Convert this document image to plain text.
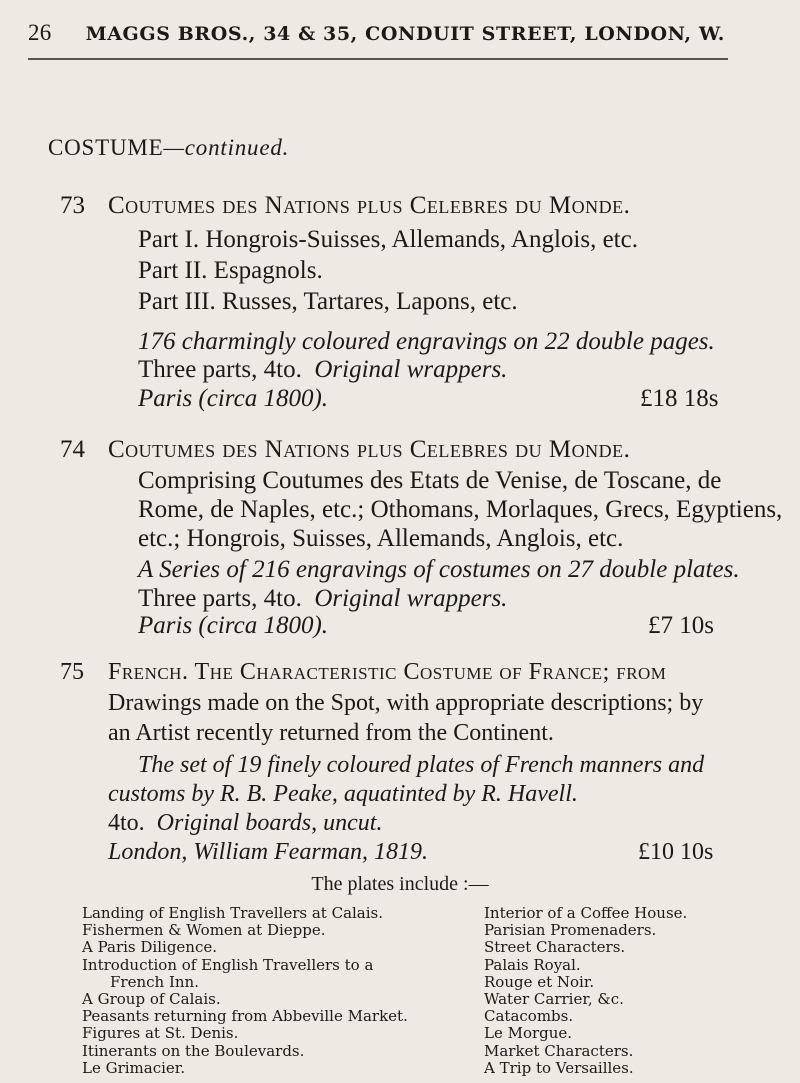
26 MAGGS BROS., 34 & 35, CONDUIT STREET, LONDON, W.
COSTUME—continued.
73 Coutumes des Nations plus Celebres du Monde.
Part I. Hongrois-Suisses, Allemands, Anglois, etc.
Part II. Espagnols.
Part III. Russes, Tartares, Lapons, etc.
176 charmingly coloured engravings on 22 double pages.
Three parts, 4to. Original wrappers.
Paris (circa 1800).	£18 18s
74 Coutumes des Nations plus Celebres du Monde.
Comprising Coutumes des Etats de Venise, de Toscane, de
Rome, de Naples, etc.; Othomans, Morlaques, Grecs, Egyptiens,
etc.; Hongrois, Suisses, Allemands, Anglois, etc.
A Series of 216 engravings of costumes on 27 double plates.
Three parts, 4to. Original wrappers.
Paris (circa 1800).	£7 10s
75	French. The Characteristic Costume of France; from
Drawings made on the Spot, with appropriate descriptions; by
an Artist recently returned from the Continent.
The set of 19 finely coloured plates of French manners and
customs by R. B. Peake, aquatinted by R. Havell.
4to. Original boards, uncut.
London, William Fearman, 1819.	£10 10s
The plates include :—
Landing of English Travellers at Calais.
Fishermen & Women at Dieppe.
A Paris Diligence.
Introduction of English Travellers to a
French Inn.
A Group of Calais.
Peasants returning from Abbeville Market.
Figures at St. Denis.
Itinerants on the Boulevards.
Le Grimacier.
Interior of a Coffee House.
Parisian Promenaders.
Street Characters.
Palais Royal.
Rouge et Noir.
Water Carrier, &c.
Catacombs.
Le Morgue.
Market Characters.
A Trip to Versailles.
